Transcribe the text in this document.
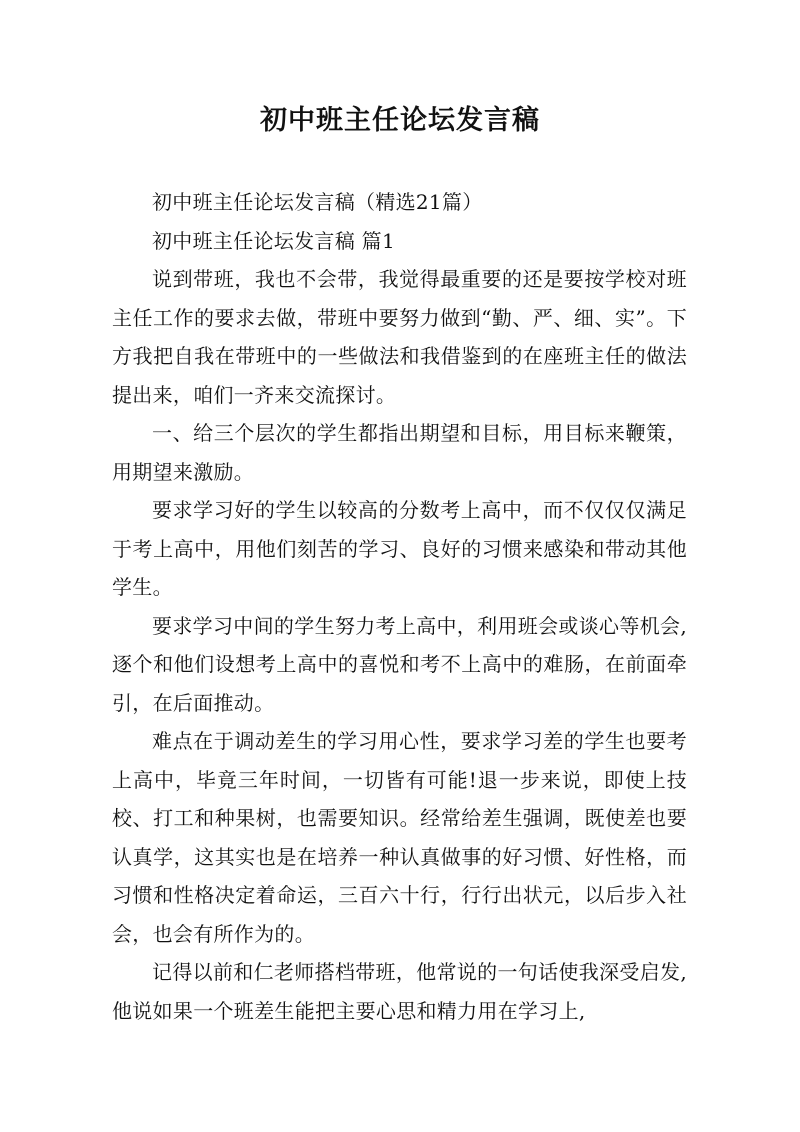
初中班主任论坛发言稿

初中班主任论坛发言稿（精选21篇）

初中班主任论坛发言稿 篇1

说到带班，我也不会带，我觉得最重要的还是要按学校对班主任工作的要求去做，带班中要努力做到“勤、严、细、实”。下方我把自我在带班中的一些做法和我借鉴到的在座班主任的做法提出来，咱们一齐来交流探讨。

一、给三个层次的学生都指出期望和目标，用目标来鞭策，用期望来激励。

要求学习好的学生以较高的分数考上高中，而不仅仅仅满足于考上高中，用他们刻苦的学习、良好的习惯来感染和带动其他学生。

要求学习中间的学生努力考上高中，利用班会或谈心等机会,逐个和他们设想考上高中的喜悦和考不上高中的难肠，在前面牵引，在后面推动。

难点在于调动差生的学习用心性，要求学习差的学生也要考上高中，毕竟三年时间，一切皆有可能!退一步来说，即使上技校、打工和种果树，也需要知识。经常给差生强调，既使差也要认真学，这其实也是在培养一种认真做事的好习惯、好性格，而习惯和性格决定着命运，三百六十行，行行出状元，以后步入社会，也会有所作为的。

记得以前和仁老师搭档带班，他常说的一句话使我深受启发,他说如果一个班差生能把主要心思和精力用在学习上,
